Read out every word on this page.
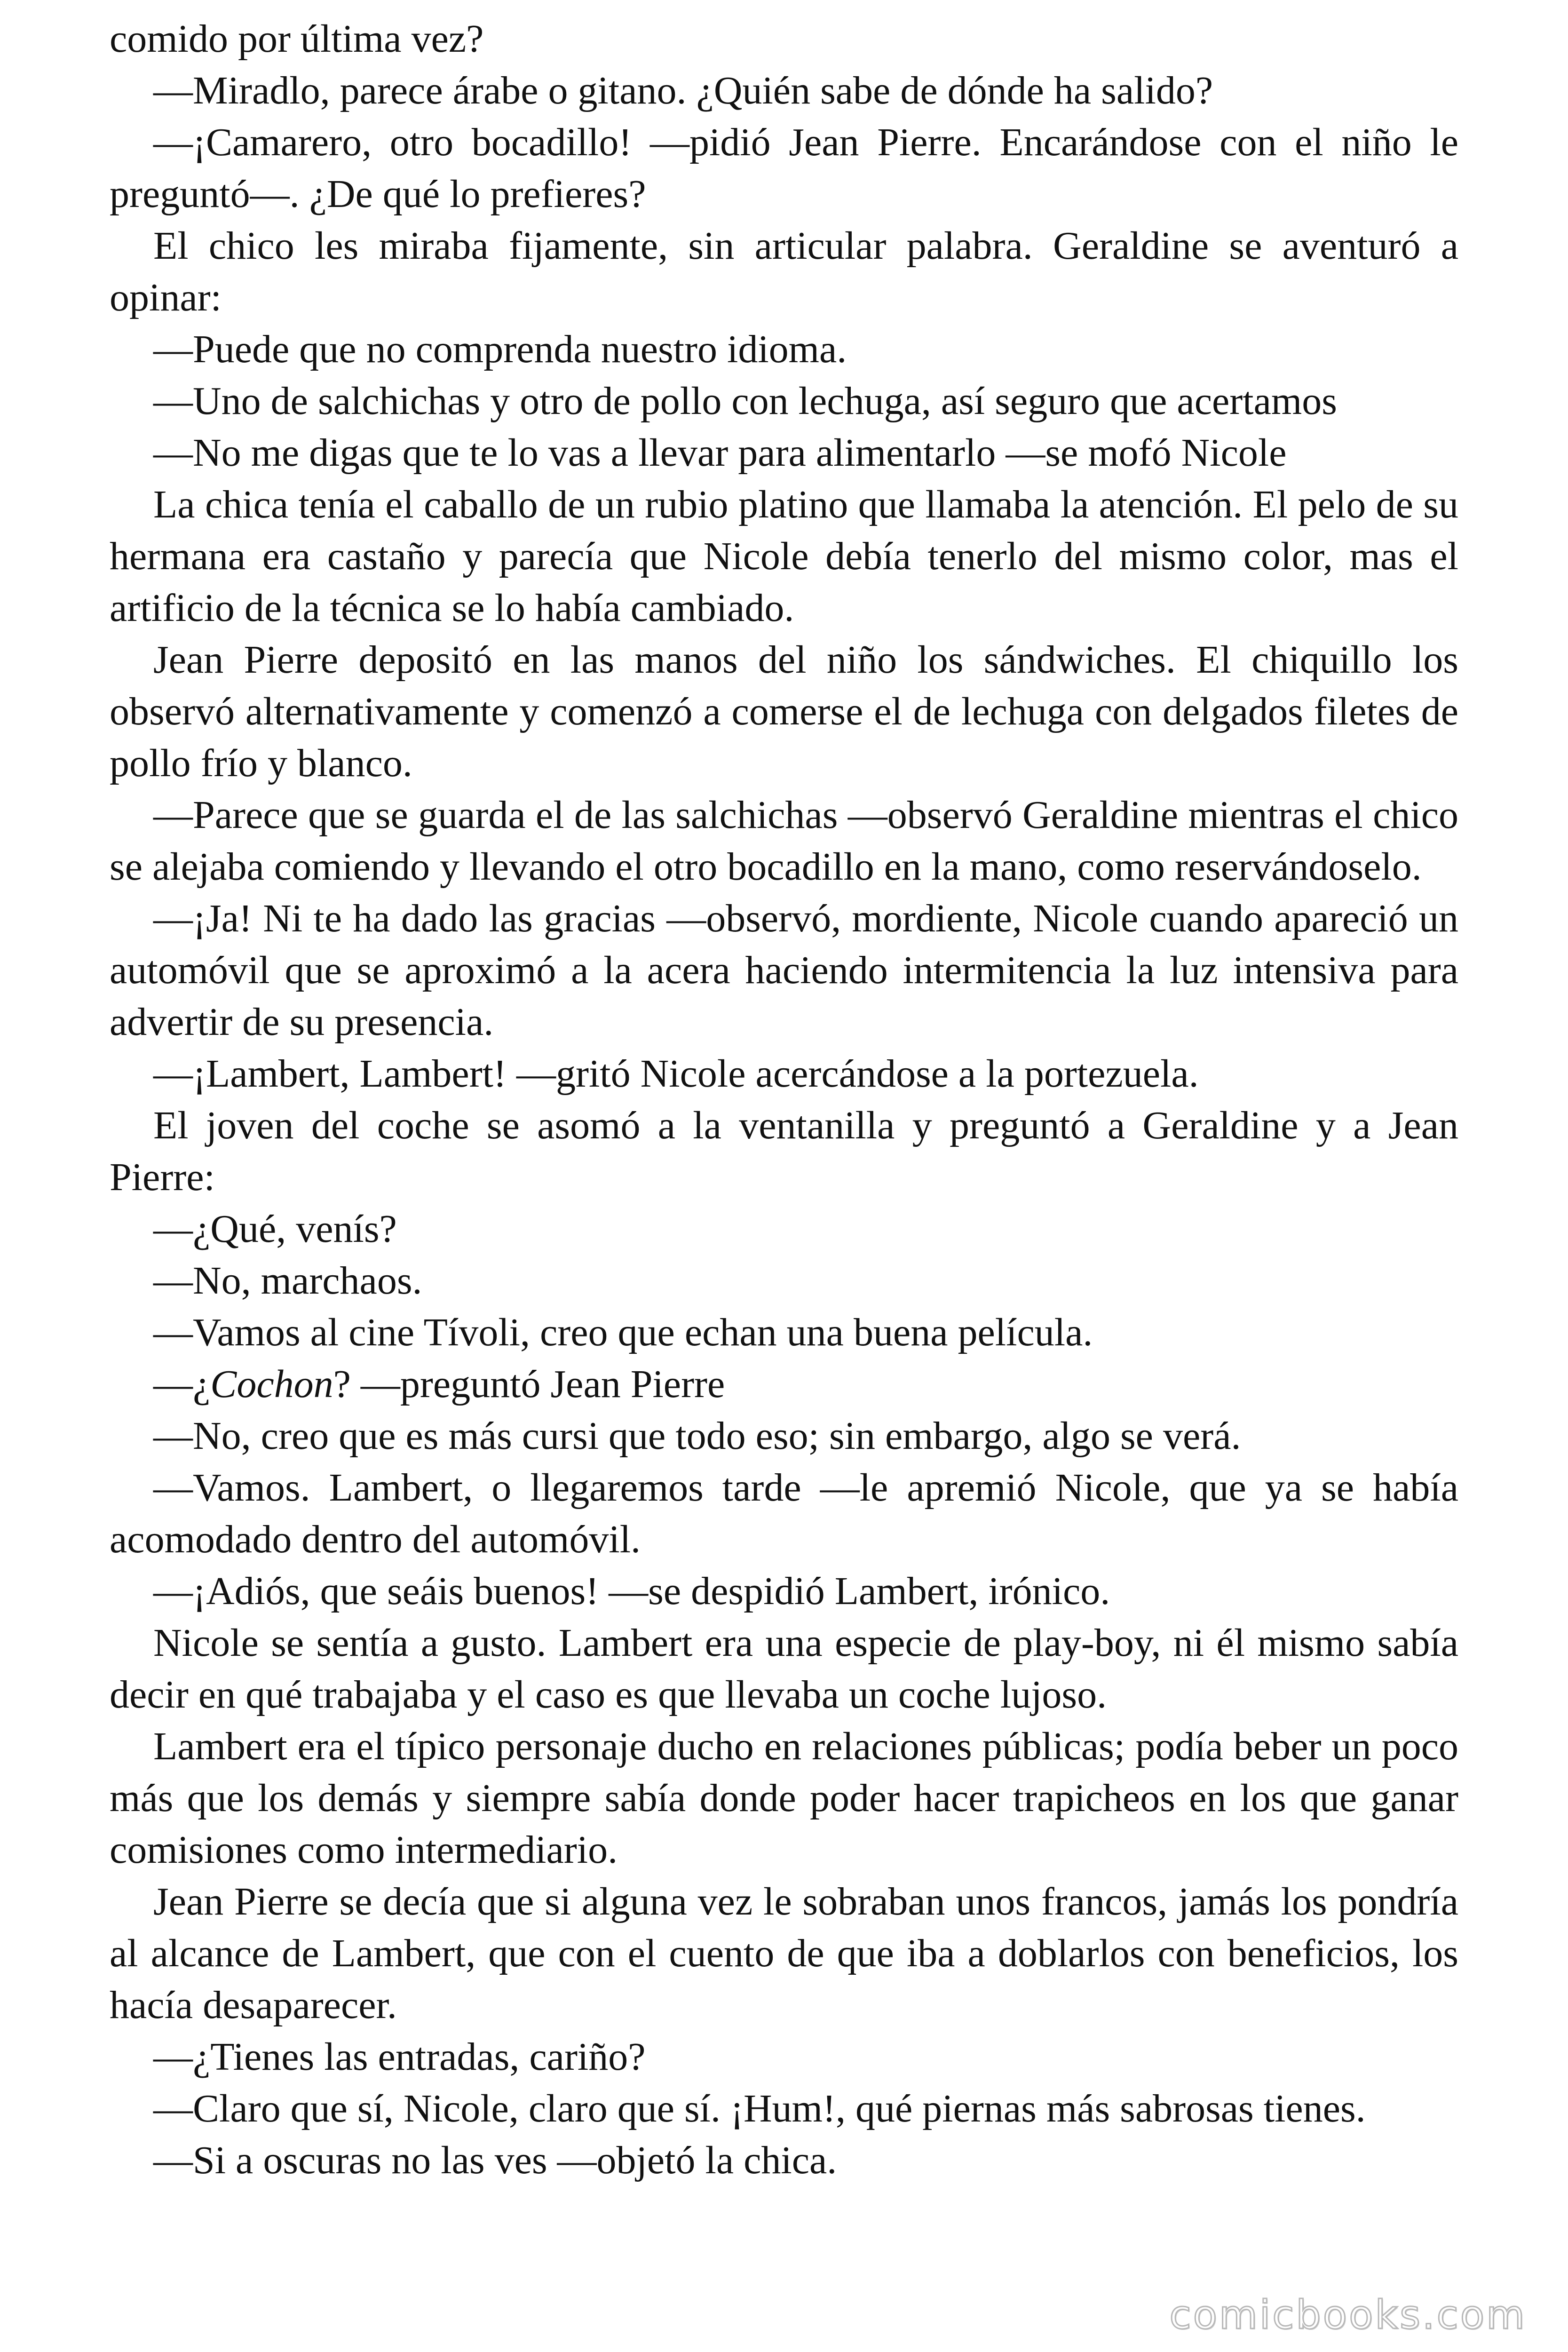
comido por última vez?

—Miradlo, parece árabe o gitano. ¿Quién sabe de dónde ha salido?

—¡Camarero, otro bocadillo! —pidió Jean Pierre. Encarándose con el niño le preguntó—. ¿De qué lo prefieres?

El chico les miraba fijamente, sin articular palabra. Geraldine se aventuró a opinar:

—Puede que no comprenda nuestro idioma.

—Uno de salchichas y otro de pollo con lechuga, así seguro que acertamos

—No me digas que te lo vas a llevar para alimentarlo —se mofó Nicole

La chica tenía el caballo de un rubio platino que llamaba la atención. El pelo de su hermana era castaño y parecía que Nicole debía tenerlo del mismo color, mas el artificio de la técnica se lo había cambiado.

Jean Pierre depositó en las manos del niño los sándwiches. El chiquillo los observó alternativamente y comenzó a comerse el de lechuga con delgados filetes de pollo frío y blanco.

—Parece que se guarda el de las salchichas —observó Geraldine mientras el chico se alejaba comiendo y llevando el otro bocadillo en la mano, como reservándoselo.

—¡Ja! Ni te ha dado las gracias —observó, mordiente, Nicole cuando apareció un automóvil que se aproximó a la acera haciendo intermitencia la luz intensiva para advertir de su presencia.

—¡Lambert, Lambert! —gritó Nicole acercándose a la portezuela.

El joven del coche se asomó a la ventanilla y preguntó a Geraldine y a Jean Pierre:

—¿Qué, venís?

—No, marchaos.

—Vamos al cine Tívoli, creo que echan una buena película.

—¿Cochon? —preguntó Jean Pierre

—No, creo que es más cursi que todo eso; sin embargo, algo se verá.

—Vamos. Lambert, o llegaremos tarde —le apremió Nicole, que ya se había acomodado dentro del automóvil.

—¡Adiós, que seáis buenos! —se despidió Lambert, irónico.

Nicole se sentía a gusto. Lambert era una especie de play-boy, ni él mismo sabía decir en qué trabajaba y el caso es que llevaba un coche lujoso.

Lambert era el típico personaje ducho en relaciones públicas; podía beber un poco más que los demás y siempre sabía donde poder hacer trapicheos en los que ganar comisiones como intermediario.

Jean Pierre se decía que si alguna vez le sobraban unos francos, jamás los pondría al alcance de Lambert, que con el cuento de que iba a doblarlos con beneficios, los hacía desaparecer.

—¿Tienes las entradas, cariño?

—Claro que sí, Nicole, claro que sí. ¡Hum!, qué piernas más sabrosas tienes.

—Si a oscuras no las ves —objetó la chica.

comicbooks.com
